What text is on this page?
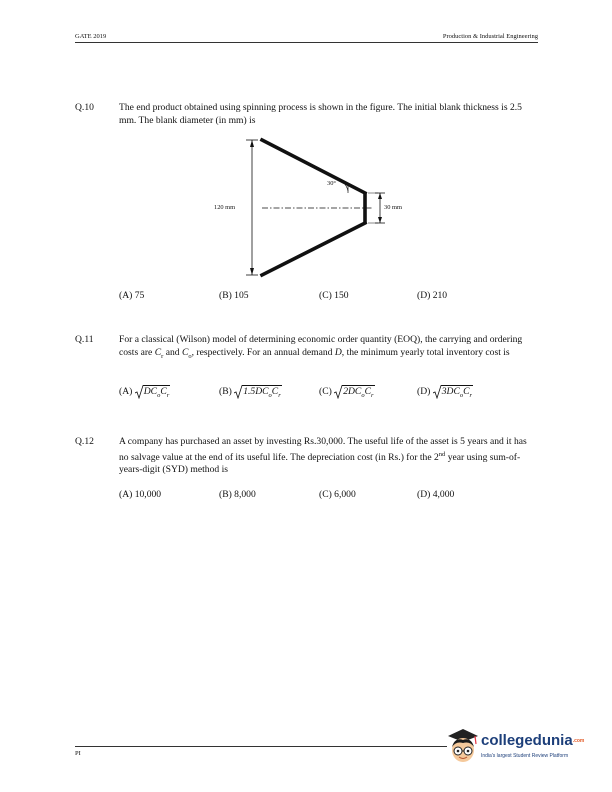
GATE 2019	Production & Industrial Engineering
Q.10	The end product obtained using spinning process is shown in the figure. The initial blank thickness is 2.5 mm. The blank diameter (in mm) is
30°
120 mm	30 mm
(A) 75	(B) 105	(C) 150	(D) 210
Q.11	For a classical (Wilson) model of determining economic order quantity (EOQ), the carrying and ordering costs are $C_r$ and $C_o$, respectively. For an annual demand D, the minimum yearly total inventory cost is
(A) $DC_oC_r$	(B) $1.5DC_oC_r$	(C) $2DC_oC_r$	(D) $3DC_oC_r$
Q.12	A company has purchased an asset by investing Rs.30,000. The useful life of the asset is 5 years and it has no salvage value at the end of its useful life. The depreciation cost (in Rs.) for the 2nd year using sum-of-years-digit (SYD) method is
(A) 10,000	(B) 8,000	(C) 6,000	(D) 4,000
PI
collegedunia.com
India's largest Student Review Platform
